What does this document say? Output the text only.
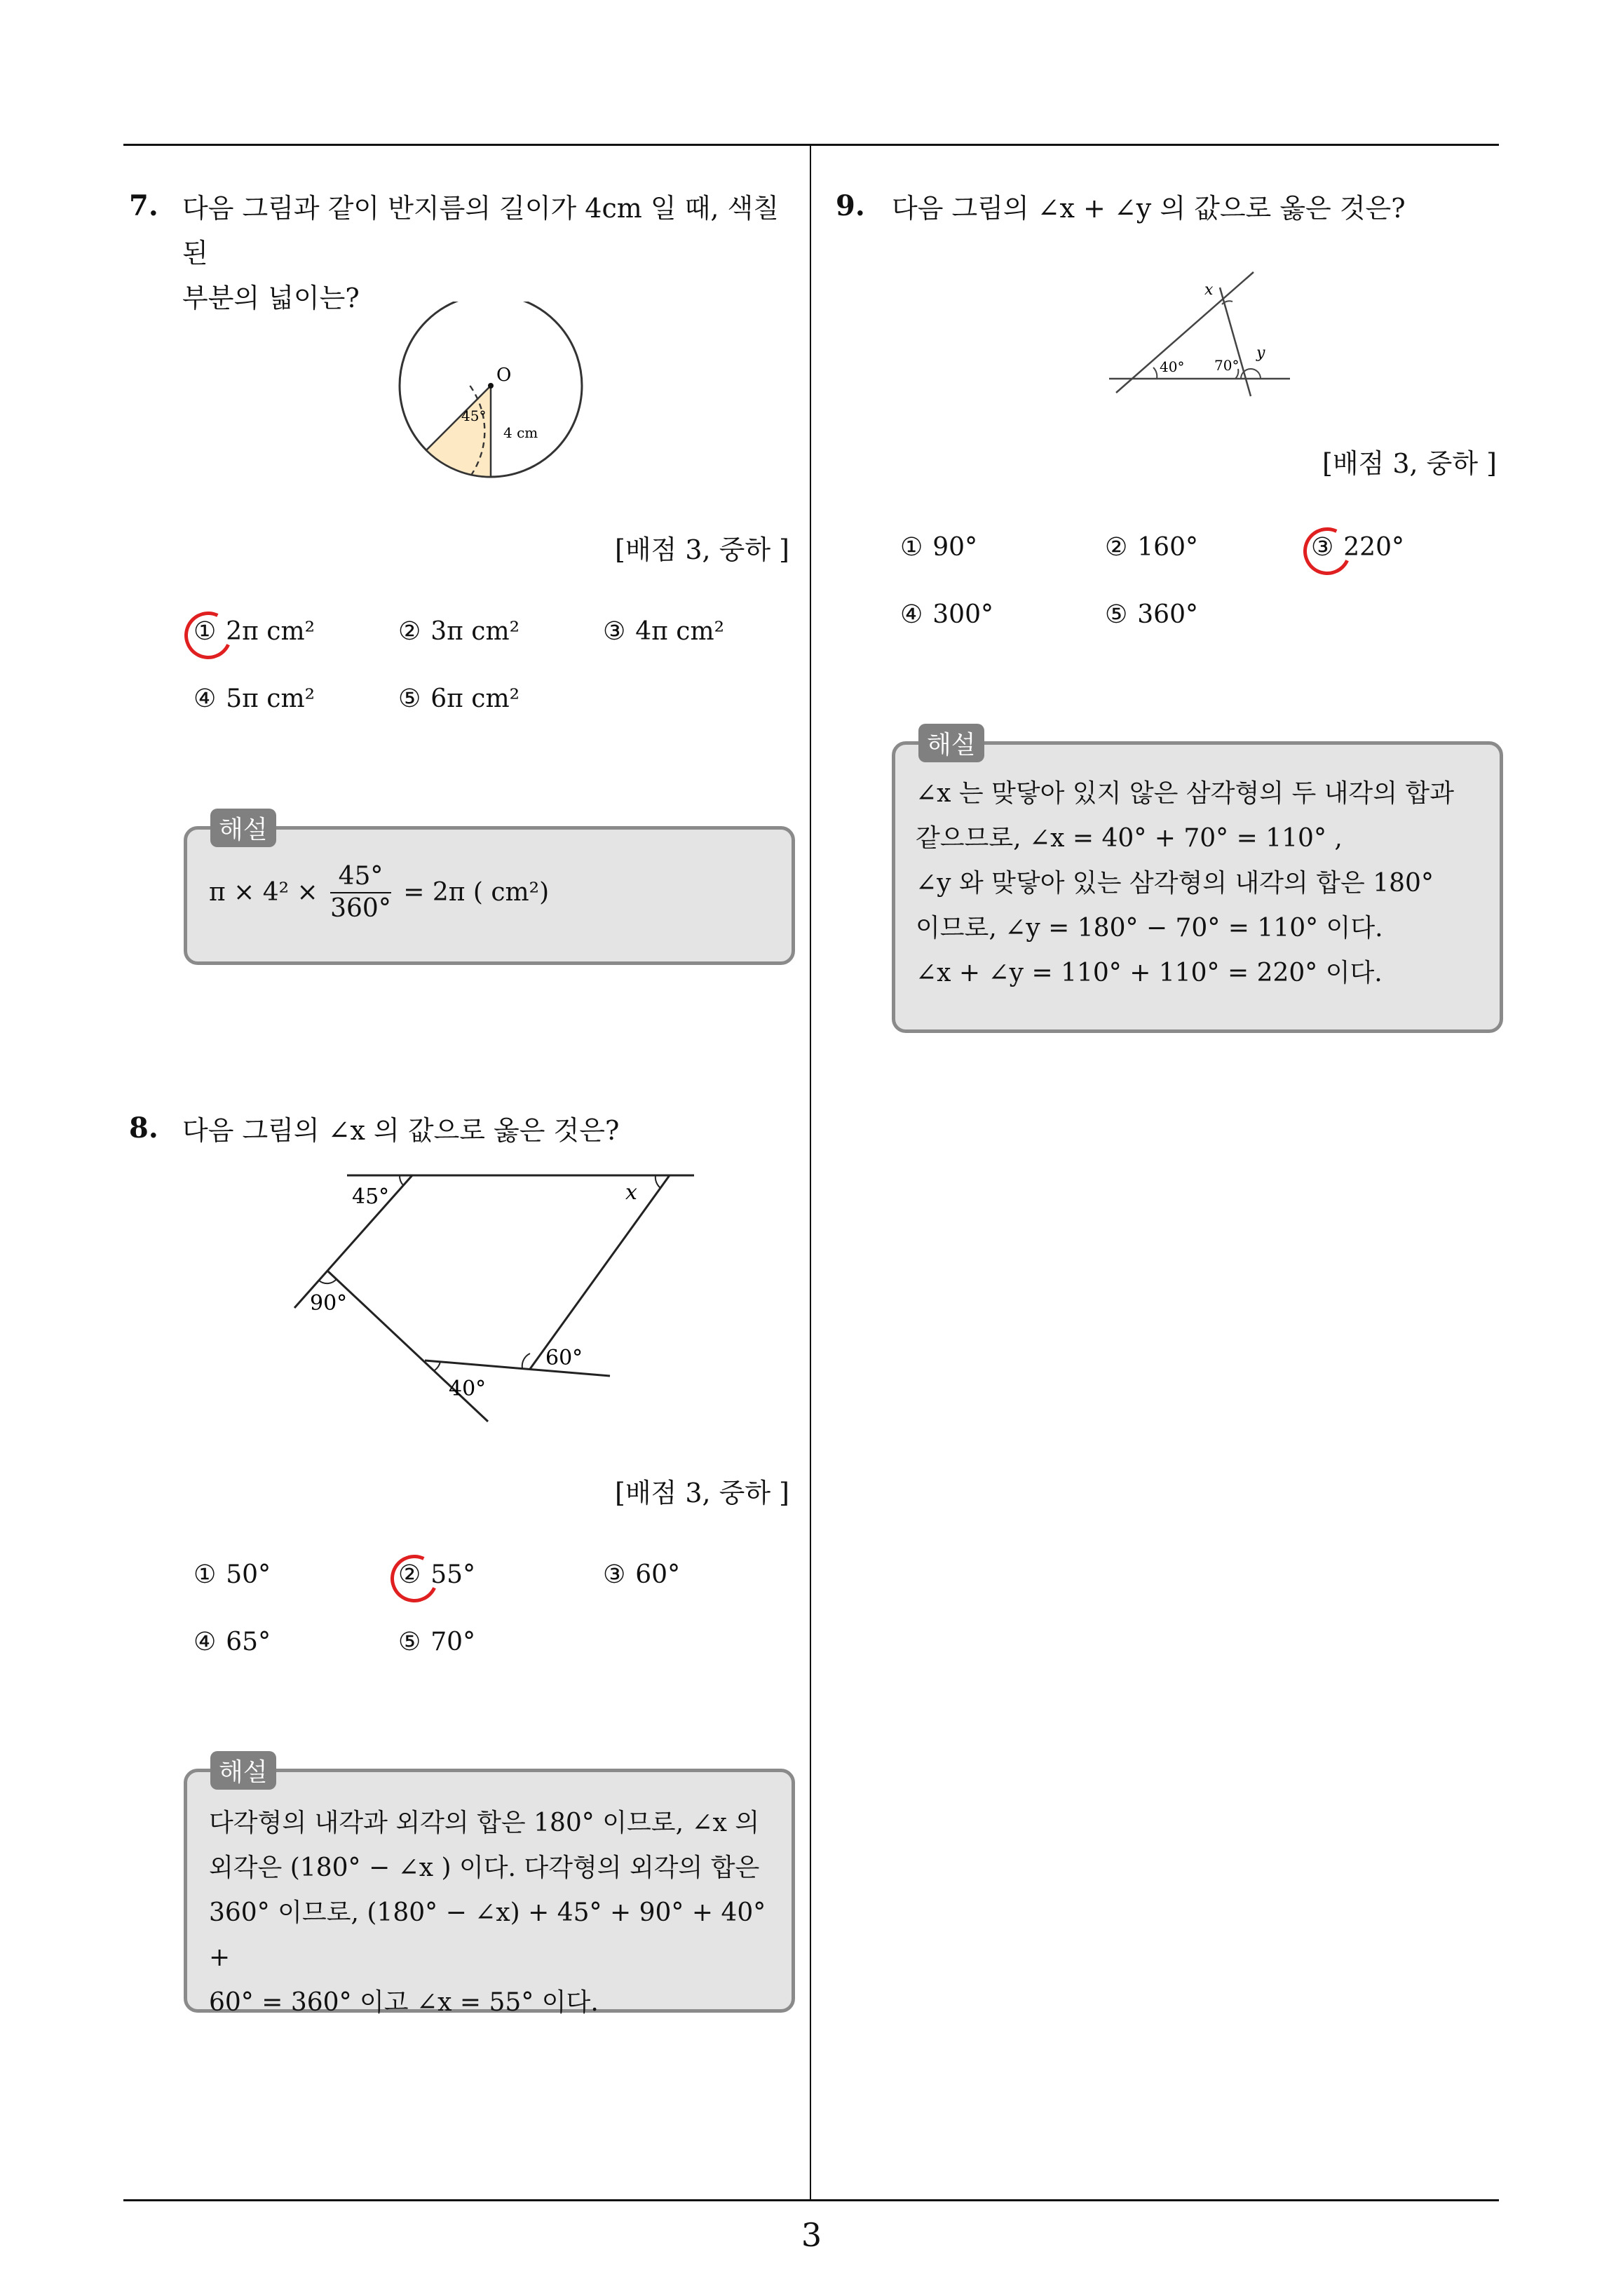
3
7. 다음 그림과 같이 반지름의 길이가 4cm 일 때, 색칠된
부분의 넓이는?
O
45°
4 cm
[배점 3, 중하 ]
① 2π cm²	② 3π cm²	③ 4π cm²
④ 5π cm²	⑤ 6π cm²
해설
$\pi \times 4^2 \times \frac{45^\circ}{360^\circ} = 2\pi$ ( cm²)
8. 다음 그림의 ∠x 의 값으로 옳은 것은?
45°	x
90°
40°
60°
[배점 3, 중하 ]
① 50°	② 55°	③ 60°
④ 65°	⑤ 70°
해설
다각형의 내각과 외각의 합은 180° 이므로, ∠x 의
외각은 (180° − ∠x ) 이다. 다각형의 외각의 합은
360° 이므로, (180° − ∠x) + 45° + 90° + 40° +
60° = 360° 이고 ∠x = 55° 이다.
9. 다음 그림의 ∠x + ∠y 의 값으로 옳은 것은?
x
40° 70°
y
[배점 3, 중하 ]
① 90°	② 160°	③ 220°
④ 300°	⑤ 360°
해설
∠x 는 맞닿아 있지 않은 삼각형의 두 내각의 합과
같으므로, ∠x = 40° + 70° = 110° ,
∠y 와 맞닿아 있는 삼각형의 내각의 합은 180°
이므로, ∠y = 180° − 70° = 110° 이다.
∠x + ∠y = 110° + 110° = 220° 이다.
